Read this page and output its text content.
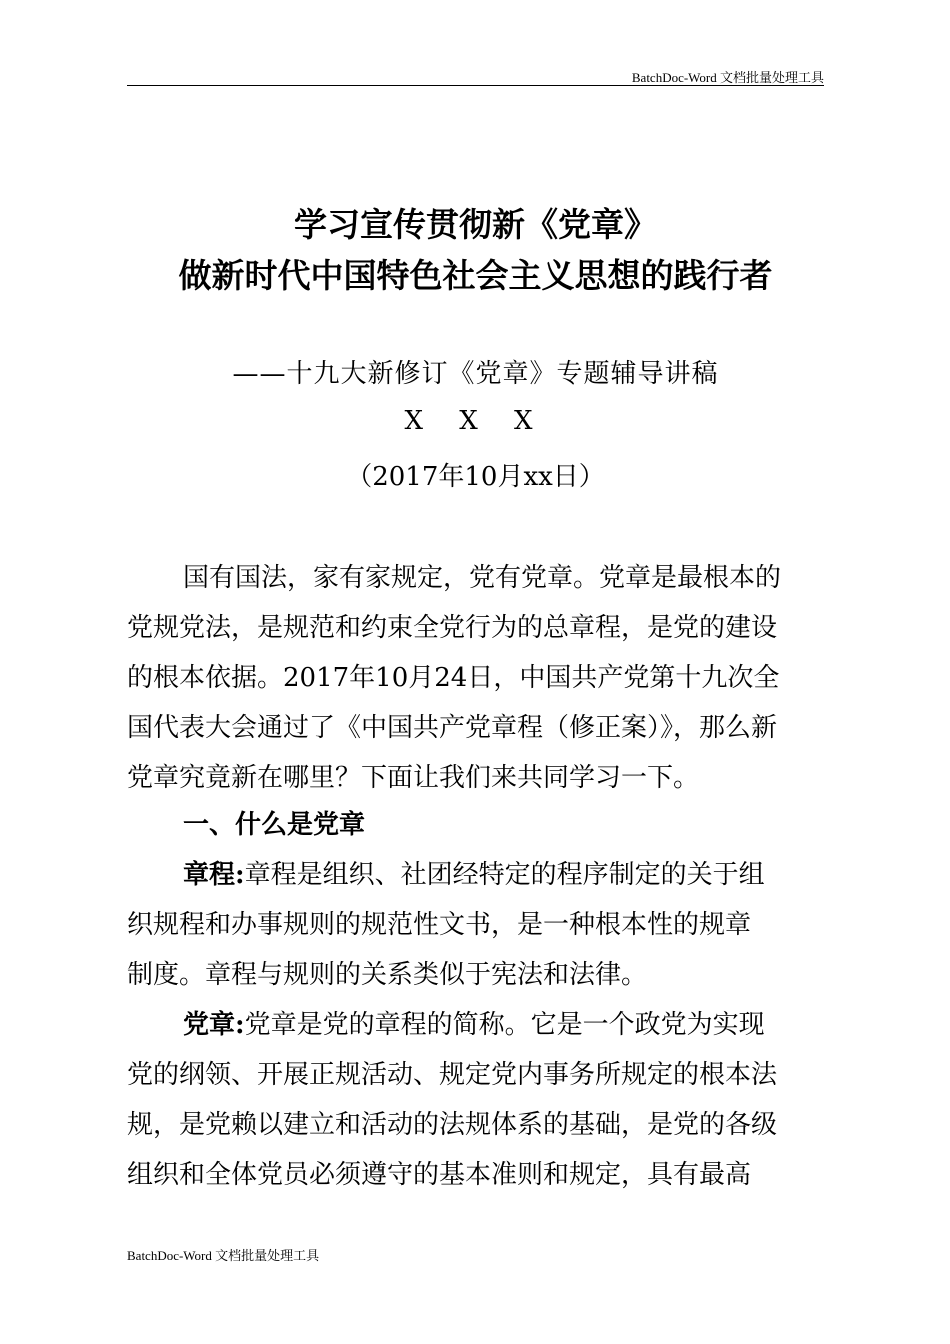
BatchDoc-Word 文档批量处理工具
学习宣传贯彻新《党章》
做新时代中国特色社会主义思想的践行者
——十九大新修订《党章》专题辅导讲稿
X X X
（2017年10月xx日）
国有国法，家有家规定，党有党章。党章是最根本的
党规党法，是规范和约束全党行为的总章程，是党的建设
的根本依据。2017年10月24日，中国共产党第十九次全
国代表大会通过了《中国共产党章程（修正案）》，那么新
党章究竟新在哪里？下面让我们来共同学习一下。
一、什么是党章
章程:章程是组织、社团经特定的程序制定的关于组
织规程和办事规则的规范性文书，是一种根本性的规章
制度。章程与规则的关系类似于宪法和法律。
党章:党章是党的章程的简称。它是一个政党为实现
党的纲领、开展正规活动、规定党内事务所规定的根本法
规，是党赖以建立和活动的法规体系的基础，是党的各级
组织和全体党员必须遵守的基本准则和规定，具有最高
BatchDoc-Word 文档批量处理工具
